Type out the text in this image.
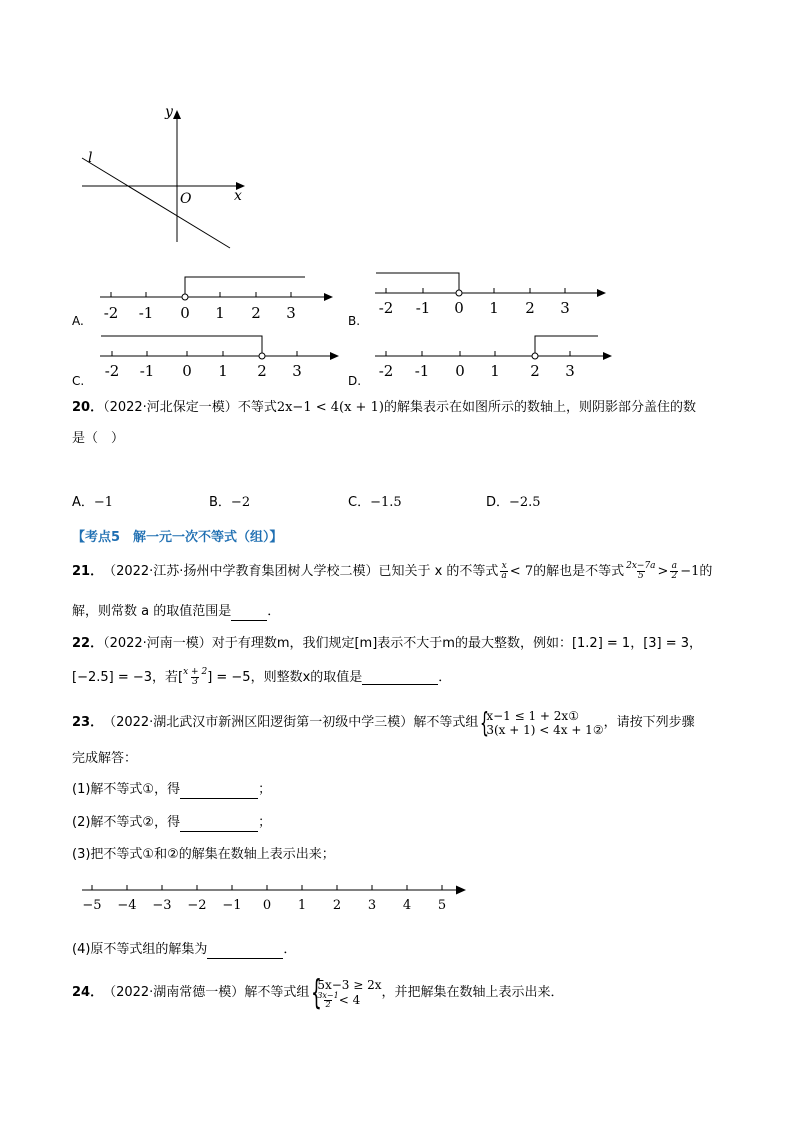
y
x
O
l
A. -2 -1 0 1 2 3	B.
-2 -1 0 1 2 3
C.
-2 -1 0 1 2 3
D.
-2 -1 0 1 2 3
20．（2022·河北保定一模）不等式2x−1 < 4(x + 1)的解集表示在如图所示的数轴上，则阴影部分盖住的数
是（　）
A．−1	B．−2	C．−1.5	D．−2.5
【考点5　解一元一次不等式（组）】
21． （2022·江苏·扬州中学教育集团树人学校二模） 已知关于 x 的不等式 $\frac{x}{a} < 7$ 的解也是不等式 $\frac{2x-7a}{5} > \frac{a}{2} -1$ 的
解，则常数 a 的取值范围是	．
22．（2022·河南一模）对于有理数m，我们规定[m]表示不大于m的最大整数，例如：[1.2] = 1，[3] = 3，
[−2.5] = −3，若[ $\frac{x + 2}{3}$ ] = −5，则整数x的取值是	．
23． （2022·湖北武汉市新洲区阳逻街第一初级中学三模） 解不等式组 {
x−1 ≤ 1 + 2x①
3(x + 1) < 4x + 1② ，请按下列步骤
完成解答：
(1)解不等式①，得	；
(2)解不等式②，得	；
(3)把不等式①和②的解集在数轴上表示出来；
−5 −4 −3 −2 −1 0 1 2 3 4 5
(4)原不等式组的解集为	．
24． （2022·湖南常德一模） 解不等式组 {
5x−3 ≥ 2x
$\frac{3x-1}{2} < 4$ ，并把解集在数轴上表示出来．
